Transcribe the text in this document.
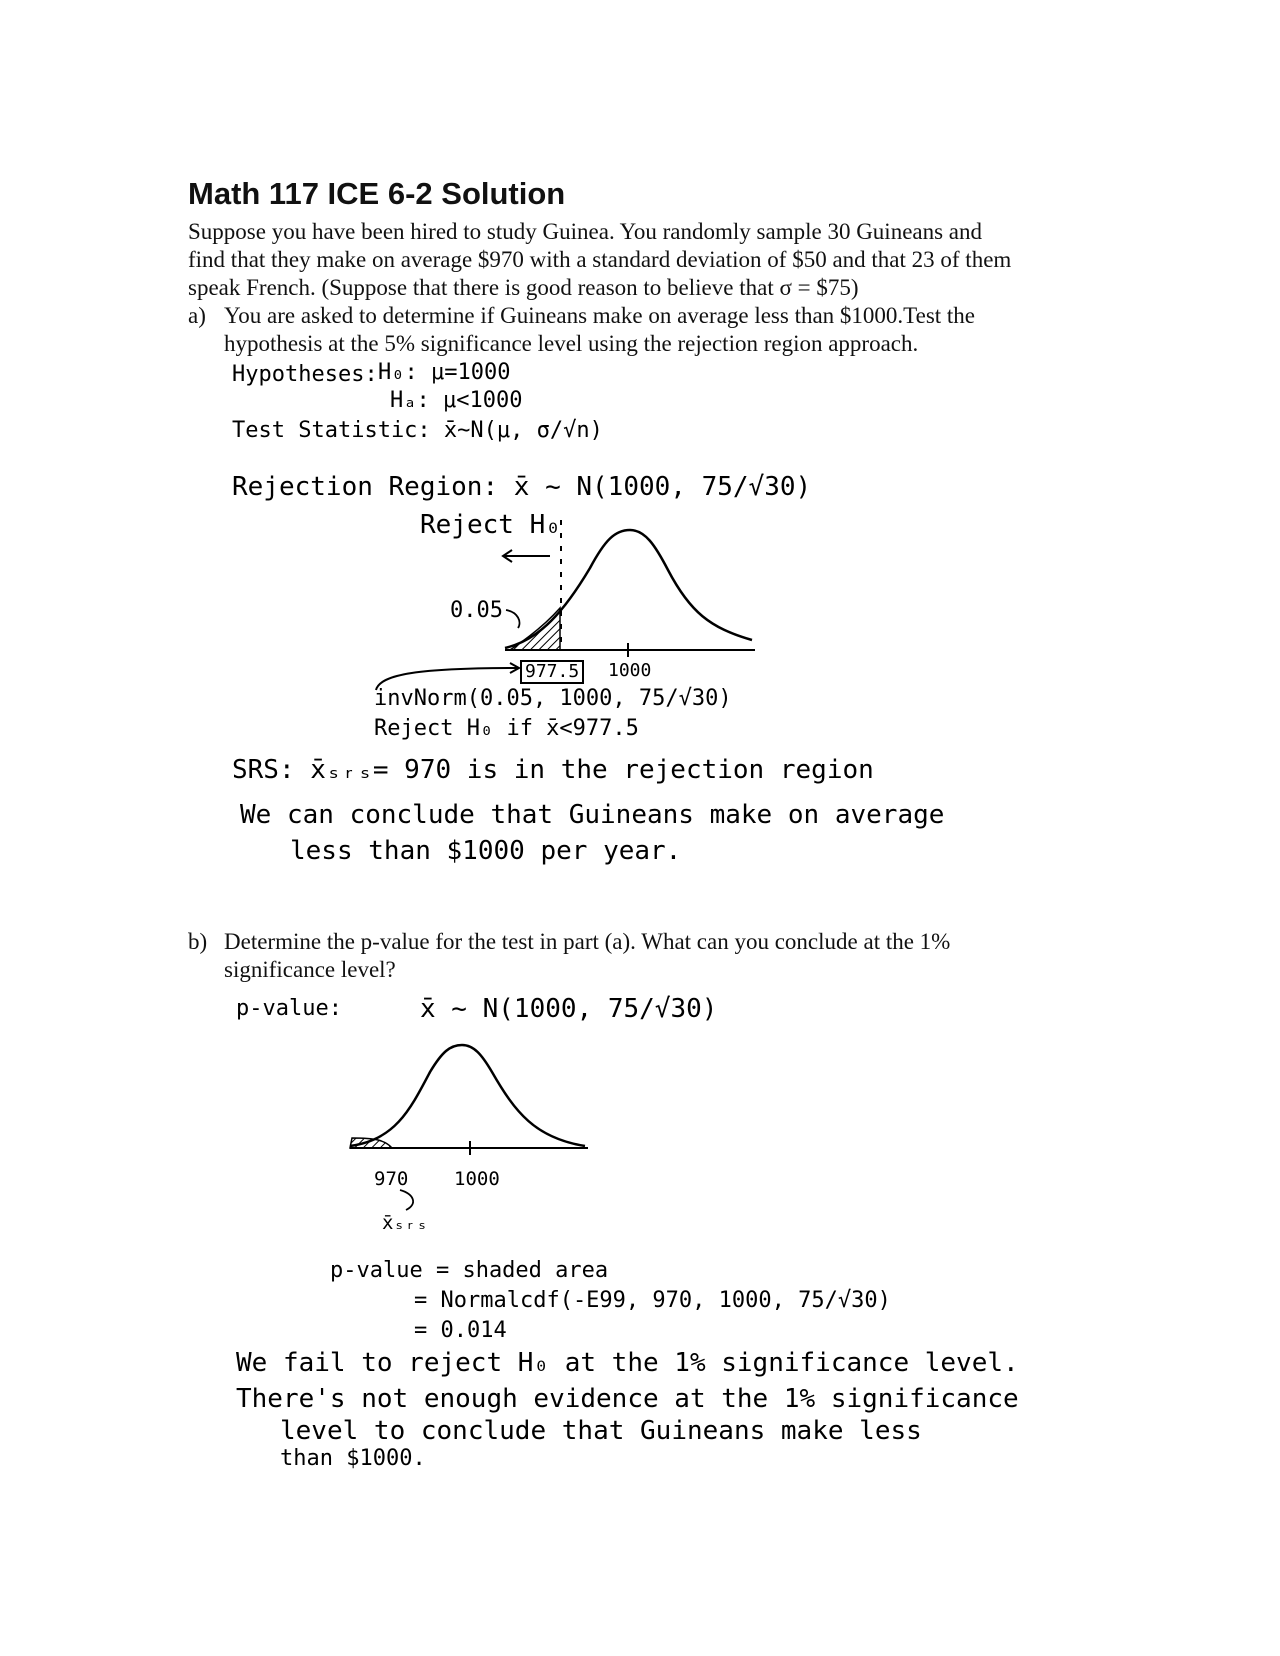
Math 117 ICE 6-2 Solution
Suppose you have been hired to study Guinea. You randomly sample 30 Guineans and
find that they make on average $970 with a standard deviation of $50 and that 23 of them
speak French. (Suppose that there is good reason to believe that σ = $75)
a) You are asked to determine if Guineans make on average less than $1000.Test the
hypothesis at the 5% significance level using the rejection region approach.
Hypotheses: H₀: μ=1000
Hₐ: μ<1000
Test Statistic: x̄~N(μ, σ/√n)
Rejection Region: x̄ ~ N(1000, 75/√30)
Reject H₀
0.05
977.5 1000
invNorm(0.05, 1000, 75/√30)
Reject H₀ if x̄<977.5
SRS: x̄ₛᵣₛ= 970 is in the rejection region
We can conclude that Guineans make on average
less than $1000 per year.
b) Determine the p-value for the test in part (a). What can you conclude at the 1%
significance level?
p-value:	x̄ ~ N(1000, 75/√30)
970 1000
x̄ₛᵣₛ
p-value = shaded area
= Normalcdf(-E99, 970, 1000, 75/√30)
= 0.014
We fail to reject H₀ at the 1% significance level.
There's not enough evidence at the 1% significance
level to conclude that Guineans make less
than $1000.
